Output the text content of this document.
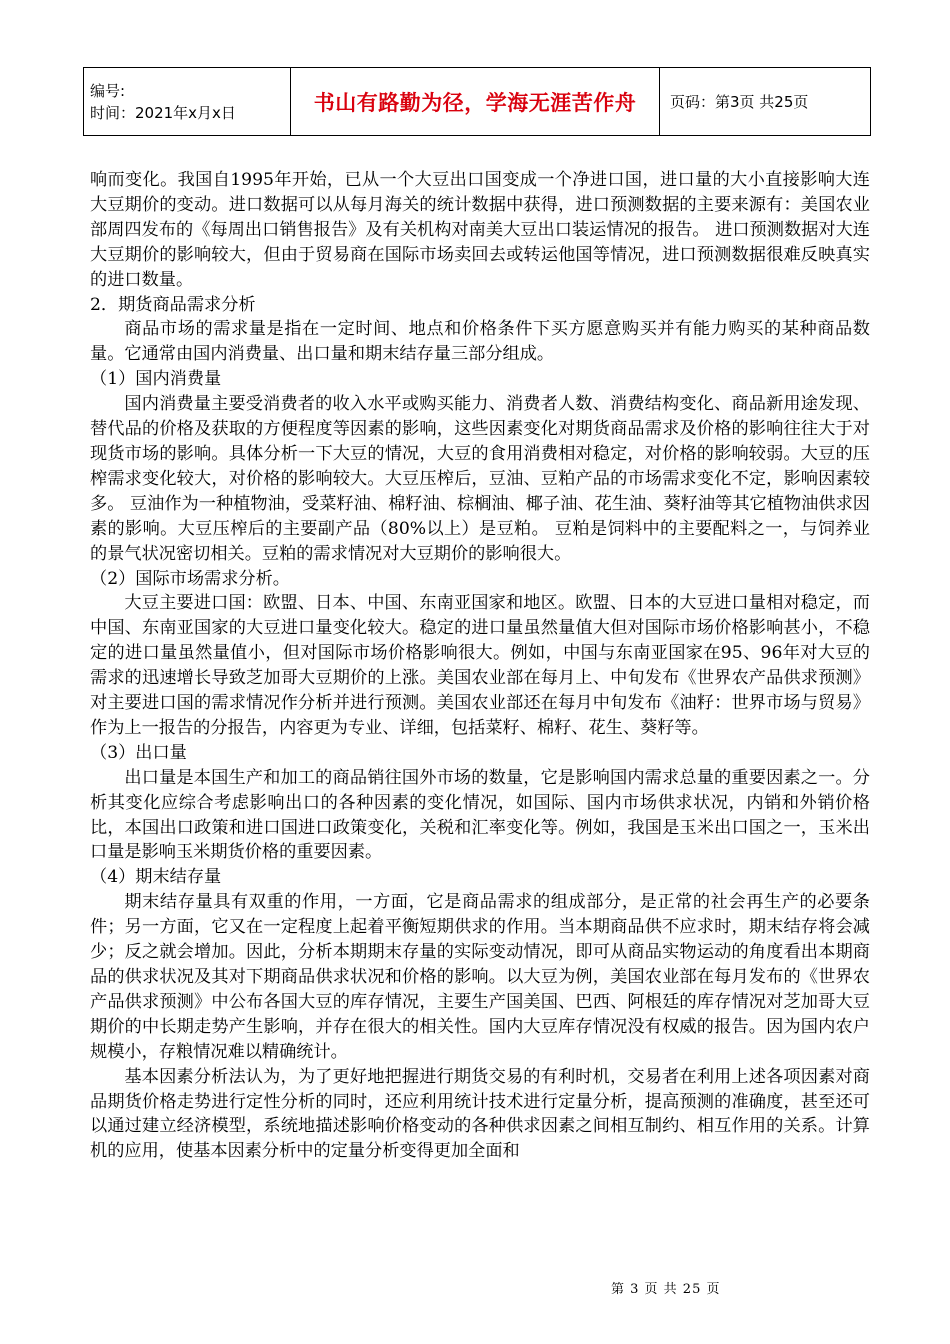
编号:
时间：2021年x月x日	书山有路勤为径，学海无涯苦作舟	页码：第3页 共25页

响而变化。我国自1995年开始，已从一个大豆出口国变成一个净进口国，进口量的大小直接影响大连大豆期价的变动。进口数据可以从每月海关的统计数据中获得，进口预测数据的主要来源有：美国农业部周四发布的《每周出口销售报告》及有关机构对南美大豆出口装运情况的报告。 进口预测数据对大连大豆期价的影响较大，但由于贸易商在国际市场卖回去或转运他国等情况，进口预测数据很难反映真实的进口数量。

2．期货商品需求分析

商品市场的需求量是指在一定时间、地点和价格条件下买方愿意购买并有能力购买的某种商品数量。它通常由国内消费量、出口量和期末结存量三部分组成。

（1）国内消费量

国内消费量主要受消费者的收入水平或购买能力、消费者人数、消费结构变化、商品新用途发现、替代品的价格及获取的方便程度等因素的影响，这些因素变化对期货商品需求及价格的影响往往大于对现货市场的影响。具体分析一下大豆的情况，大豆的食用消费相对稳定，对价格的影响较弱。大豆的压榨需求变化较大，对价格的影响较大。大豆压榨后，豆油、豆粕产品的市场需求变化不定，影响因素较多。 豆油作为一种植物油，受菜籽油、棉籽油、棕榈油、椰子油、花生油、葵籽油等其它植物油供求因素的影响。大豆压榨后的主要副产品（80%以上）是豆粕。 豆粕是饲料中的主要配料之一，与饲养业的景气状况密切相关。豆粕的需求情况对大豆期价的影响很大。

（2）国际市场需求分析。

大豆主要进口国：欧盟、日本、中国、东南亚国家和地区。欧盟、日本的大豆进口量相对稳定，而中国、东南亚国家的大豆进口量变化较大。稳定的进口量虽然量值大但对国际市场价格影响甚小，不稳定的进口量虽然量值小，但对国际市场价格影响很大。例如，中国与东南亚国家在95、96年对大豆的需求的迅速增长导致芝加哥大豆期价的上涨。美国农业部在每月上、中旬发布《世界农产品供求预测》对主要进口国的需求情况作分析并进行预测。美国农业部还在每月中旬发布《油籽：世界市场与贸易》作为上一报告的分报告，内容更为专业、详细，包括菜籽、棉籽、花生、葵籽等。

（3）出口量

出口量是本国生产和加工的商品销往国外市场的数量，它是影响国内需求总量的重要因素之一。分析其变化应综合考虑影响出口的各种因素的变化情况，如国际、国内市场供求状况，内销和外销价格比，本国出口政策和进口国进口政策变化，关税和汇率变化等。例如，我国是玉米出口国之一，玉米出口量是影响玉米期货价格的重要因素。

（4）期末结存量

期末结存量具有双重的作用，一方面，它是商品需求的组成部分，是正常的社会再生产的必要条件；另一方面，它又在一定程度上起着平衡短期供求的作用。当本期商品供不应求时，期末结存将会减少；反之就会增加。因此，分析本期期末存量的实际变动情况，即可从商品实物运动的角度看出本期商品的供求状况及其对下期商品供求状况和价格的影响。以大豆为例，美国农业部在每月发布的《世界农产品供求预测》中公布各国大豆的库存情况，主要生产国美国、巴西、阿根廷的库存情况对芝加哥大豆期价的中长期走势产生影响，并存在很大的相关性。国内大豆库存情况没有权威的报告。因为国内农户规模小，存粮情况难以精确统计。

基本因素分析法认为，为了更好地把握进行期货交易的有利时机，交易者在利用上述各项因素对商品期货价格走势进行定性分析的同时，还应利用统计技术进行定量分析，提高预测的准确度，甚至还可以通过建立经济模型，系统地描述影响价格变动的各种供求因素之间相互制约、相互作用的关系。计算机的应用，使基本因素分析中的定量分析变得更加全面和

第 3 页 共 25 页
